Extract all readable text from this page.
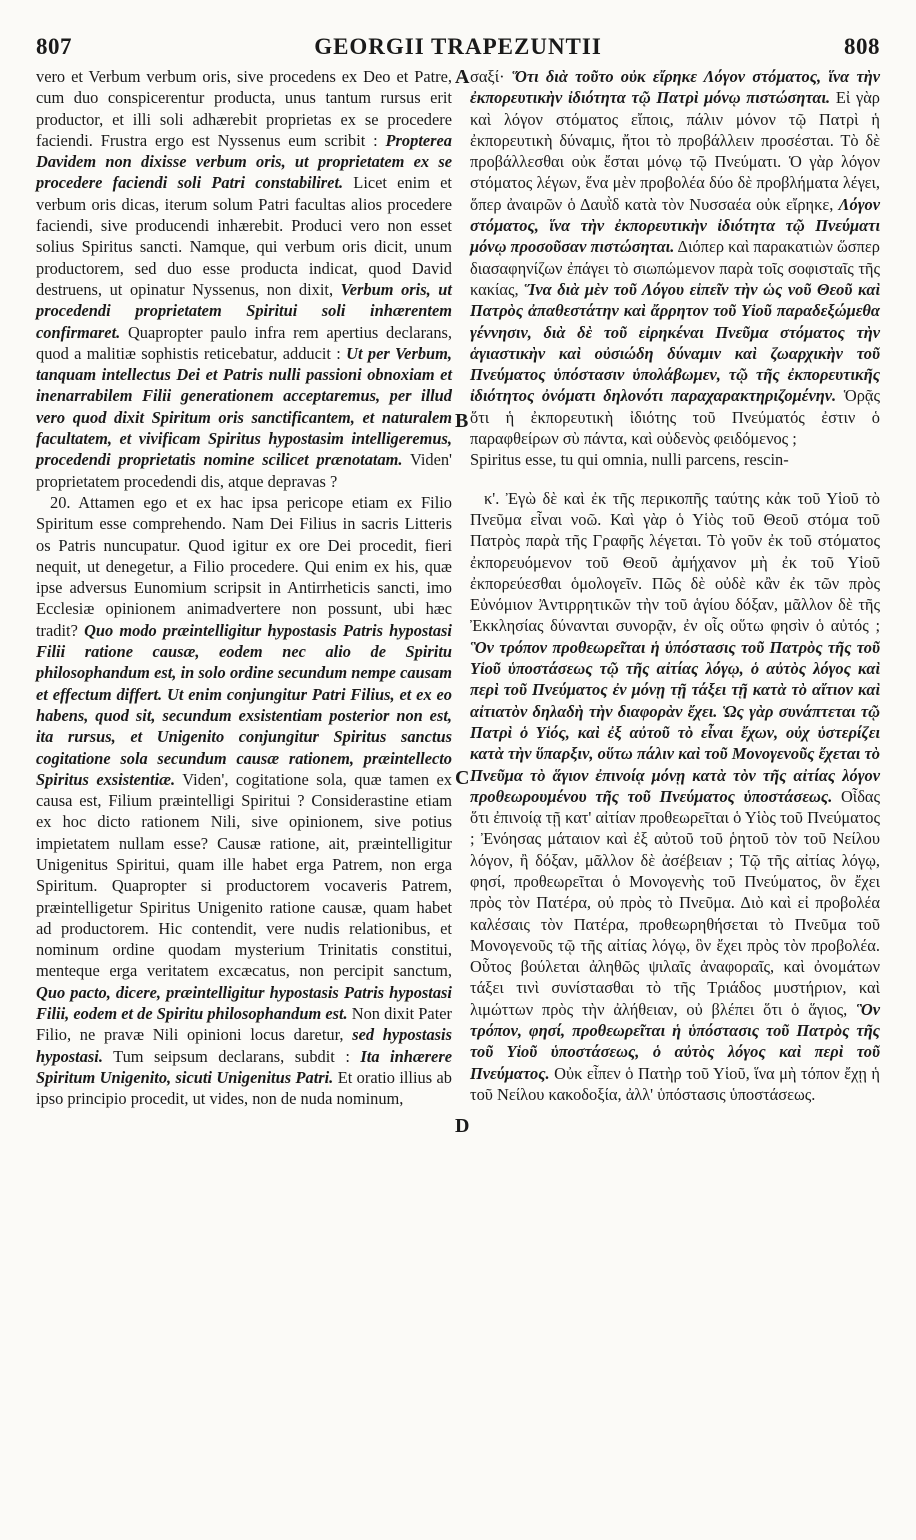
807	GEORGII TRAPEZUNTII	808
A
B
C
D

vero et Verbum verbum oris, sive procedens ex Deo et Patre, cum duo conspicerentur producta, unus tantum rursus erit productor, et illi soli adhærebit proprietas ex se procedere faciendi. Frustra ergo est Nyssenus eum scribit : Propterea Davidem non dixisse verbum oris, ut proprietatem ex se procedere faciendi soli Patri constabiliret. Licet enim et verbum oris dicas, iterum solum Patri facultas alios procedere faciendi, sive producendi inhærebit. Produci vero non esset solius Spiritus sancti. Namque, qui verbum oris dicit, unum productorem, sed duo esse producta indicat, quod David destruens, ut opinatur Nyssenus, non dixit, Verbum oris, ut procedendi proprietatem Spiritui soli inhærentem confirmaret. Quapropter paulo infra rem apertius declarans, quod a malitiæ sophistis reticebatur, adducit : Ut per Verbum, tanquam intellectus Dei et Patris nulli passioni obnoxiam et inenarrabilem Filii generationem acceptaremus, per illud vero quod dixit Spiritum oris sanctificantem, et naturalem facultatem, et vivificam Spiritus hypostasim intelligeremus, procedendi proprietatis nomine scilicet prænotatam. Viden' proprietatem procedendi dis, atque depravas ?

20. Attamen ego et ex hac ipsa pericope etiam ex Filio Spiritum esse comprehendo. Nam Dei Filius in sacris Litteris os Patris nuncupatur. Quod igitur ex ore Dei procedit, fieri nequit, ut denegetur, a Filio procedere. Qui enim ex his, quæ ipse adversus Eunomium scripsit in Antirrheticis sancti, imo Ecclesiæ opinionem animadvertere non possunt, ubi hæc tradit? Quo modo præintelligitur hypostasis Patris hypostasi Filii ratione causæ, eodem nec alio de Spiritu philosophandum est, in solo ordine secundum nempe causam et effectum differt. Ut enim conjungitur Patri Filius, et ex eo habens, quod sit, secundum exsistentiam posterior non est, ita rursus, et Unigenito conjungitur Spiritus sanctus cogitatione sola secundum causæ rationem, præintellecto Spiritus exsistentiæ. Viden', cogitatione sola, quæ tamen ex causa est, Filium præintelligi Spiritui ? Considerastine etiam ex hoc dicto rationem Nili, sive opinionem, sive potius impietatem nullam esse? Causæ ratione, ait, præintelligitur Unigenitus Spiritui, quam ille habet erga Patrem, non erga Spiritum. Quapropter si productorem vocaveris Patrem, præintelligetur Spiritus Unigenito ratione causæ, quam habet ad productorem. Hic contendit, vere nudis relationibus, et nominum ordine quodam mysterium Trinitatis constitui, menteque erga veritatem excæcatus, non percipit sanctum, Quo pacto, dicere, præintelligitur hypostasis Patris hypostasi Filii, eodem et de Spiritu philosophandum est. Non dixit Pater Filio, ne pravæ Nili opinioni locus daretur, sed hypostasis hypostasi. Tum seipsum declarans, subdit : Ita inhærere Spiritum Unigenito, sicuti Unigenitus Patri. Et oratio illius ab ipso principio procedit, ut vides, non de nuda nominum,

σαξί· Ὅτι διὰ τοῦτο οὐκ εἴρηκε Λόγον στόματος, ἵνα τὴν ἐκπορευτικὴν ἰδιότητα τῷ Πατρὶ μόνῳ πιστώσηται. Εἰ γὰρ καὶ λόγον στόματος εἴποις, πάλιν μόνον τῷ Πατρὶ ἡ ἐκπορευτικὴ δύναμις, ἤτοι τὸ προβάλλειν προσέσται. Τὸ δὲ προβάλλεσθαι οὐκ ἔσται μόνῳ τῷ Πνεύματι. Ὁ γὰρ λόγον στόματος λέγων, ἕνα μὲν προβολέα δύο δὲ προβλήματα λέγει, ὅπερ ἀναιρῶν ὁ Δαυῒδ κατὰ τὸν Νυσσαέα οὐκ εἴρηκε, Λόγον στόματος, ἵνα τὴν ἐκπορευτικὴν ἰδιότητα τῷ Πνεύματι μόνῳ προσοῦσαν πιστώσηται. Διόπερ καὶ παρακατιὼν ὥσπερ διασαφηνίζων ἐπάγει τὸ σιωπώμενον παρὰ τοῖς σοφισταῖς τῆς κακίας, Ἵνα διὰ μὲν τοῦ Λόγου εἰπεῖν τὴν ὡς νοῦ Θεοῦ καὶ Πατρὸς ἀπαθεστάτην καὶ ἄρρητον τοῦ Υἱοῦ παραδεξώμεθα γέννησιν, διὰ δὲ τοῦ εἰρηκέναι Πνεῦμα στόματος τὴν ἁγιαστικὴν καὶ οὐσιώδη δύναμιν καὶ ζωαρχικὴν τοῦ Πνεύματος ὑπόστασιν ὑπολάβωμεν, τῷ τῆς ἐκπορευτικῆς ἰδιότητος ὀνόματι δηλονότι παραχαρακτηριζομένην. Ὁρᾷς ὅτι ἡ ἐκπορευτικὴ ἰδιότης τοῦ Πνεύματός ἐστιν ὁ παραφθείρων σὺ πάντα, καὶ οὐδενὸς φειδόμενος ;

Spiritus esse, tu qui omnia, nulli parcens, rescin-

κ'. Ἐγὼ δὲ καὶ ἐκ τῆς περικοπῆς ταύτης κἀκ τοῦ Υἱοῦ τὸ Πνεῦμα εἶναι νοῶ. Καὶ γὰρ ὁ Υἱὸς τοῦ Θεοῦ στόμα τοῦ Πατρὸς παρὰ τῆς Γραφῆς λέγεται. Τὸ γοῦν ἐκ τοῦ στόματος ἐκπορευόμενον τοῦ Θεοῦ ἀμήχανον μὴ ἐκ τοῦ Υἱοῦ ἐκπορεύεσθαι ὁμολογεῖν. Πῶς δὲ οὐδὲ κἂν ἐκ τῶν πρὸς Εὐνόμιον Ἀντιρρητικῶν τὴν τοῦ ἁγίου δόξαν, μᾶλλον δὲ τῆς Ἐκκλησίας δύνανται συνορᾷν, ἐν οἷς οὕτω φησὶν ὁ αὐτός ; Ὃν τρόπον προθεωρεῖται ἡ ὑπόστασις τοῦ Πατρὸς τῆς τοῦ Υἱοῦ ὑποστάσεως τῷ τῆς αἰτίας λόγῳ, ὁ αὐτὸς λόγος καὶ περὶ τοῦ Πνεύματος ἐν μόνῃ τῇ τάξει τῇ κατὰ τὸ αἴτιον καὶ αἰτιατὸν δηλαδὴ τὴν διαφορὰν ἔχει. Ὡς γὰρ συνάπτεται τῷ Πατρὶ ὁ Υἱός, καὶ ἐξ αὐτοῦ τὸ εἶναι ἔχων, οὐχ ὑστερίζει κατὰ τὴν ὕπαρξιν, οὕτω πάλιν καὶ τοῦ Μονογενοῦς ἔχεται τὸ Πνεῦμα τὸ ἅγιον ἐπινοίᾳ μόνῃ κατὰ τὸν τῆς αἰτίας λόγον προθεωρουμένου τῆς τοῦ Πνεύματος ὑποστάσεως. Οἶδας ὅτι ἐπινοίᾳ τῇ κατ' αἰτίαν προθεωρεῖται ὁ Υἱὸς τοῦ Πνεύματος ; Ἐνόησας μάταιον καὶ ἐξ αὐτοῦ τοῦ ῥητοῦ τὸν τοῦ Νείλου λόγον, ἢ δόξαν, μᾶλλον δὲ ἀσέβειαν ; Τῷ τῆς αἰτίας λόγῳ, φησί, προθεωρεῖται ὁ Μονογενὴς τοῦ Πνεύματος, ὃν ἔχει πρὸς τὸν Πατέρα, οὐ πρὸς τὸ Πνεῦμα. Διὸ καὶ εἰ προβολέα καλέσαις τὸν Πατέρα, προθεωρηθήσεται τὸ Πνεῦμα τοῦ Μονογενοῦς τῷ τῆς αἰτίας λόγῳ, ὃν ἔχει πρὸς τὸν προβολέα. Οὗτος βούλεται ἀληθῶς ψιλαῖς ἀναφοραῖς, καὶ ὀνομάτων τάξει τινὶ συνίστασθαι τὸ τῆς Τριάδος μυστήριον, καὶ λιμώττων πρὸς τὴν ἀλήθειαν, οὐ βλέπει ὅτι ὁ ἅγιος, Ὃν τρόπον, φησί, προθεωρεῖται ἡ ὑπόστασις τοῦ Πατρὸς τῆς τοῦ Υἱοῦ ὑποστάσεως, ὁ αὐτὸς λόγος καὶ περὶ τοῦ Πνεύματος. Οὐκ εἶπεν ὁ Πατὴρ τοῦ Υἱοῦ, ἵνα μὴ τόπον ἔχῃ ἡ τοῦ Νείλου κακοδοξία, ἀλλ' ὑπόστασις ὑποστάσεως.
